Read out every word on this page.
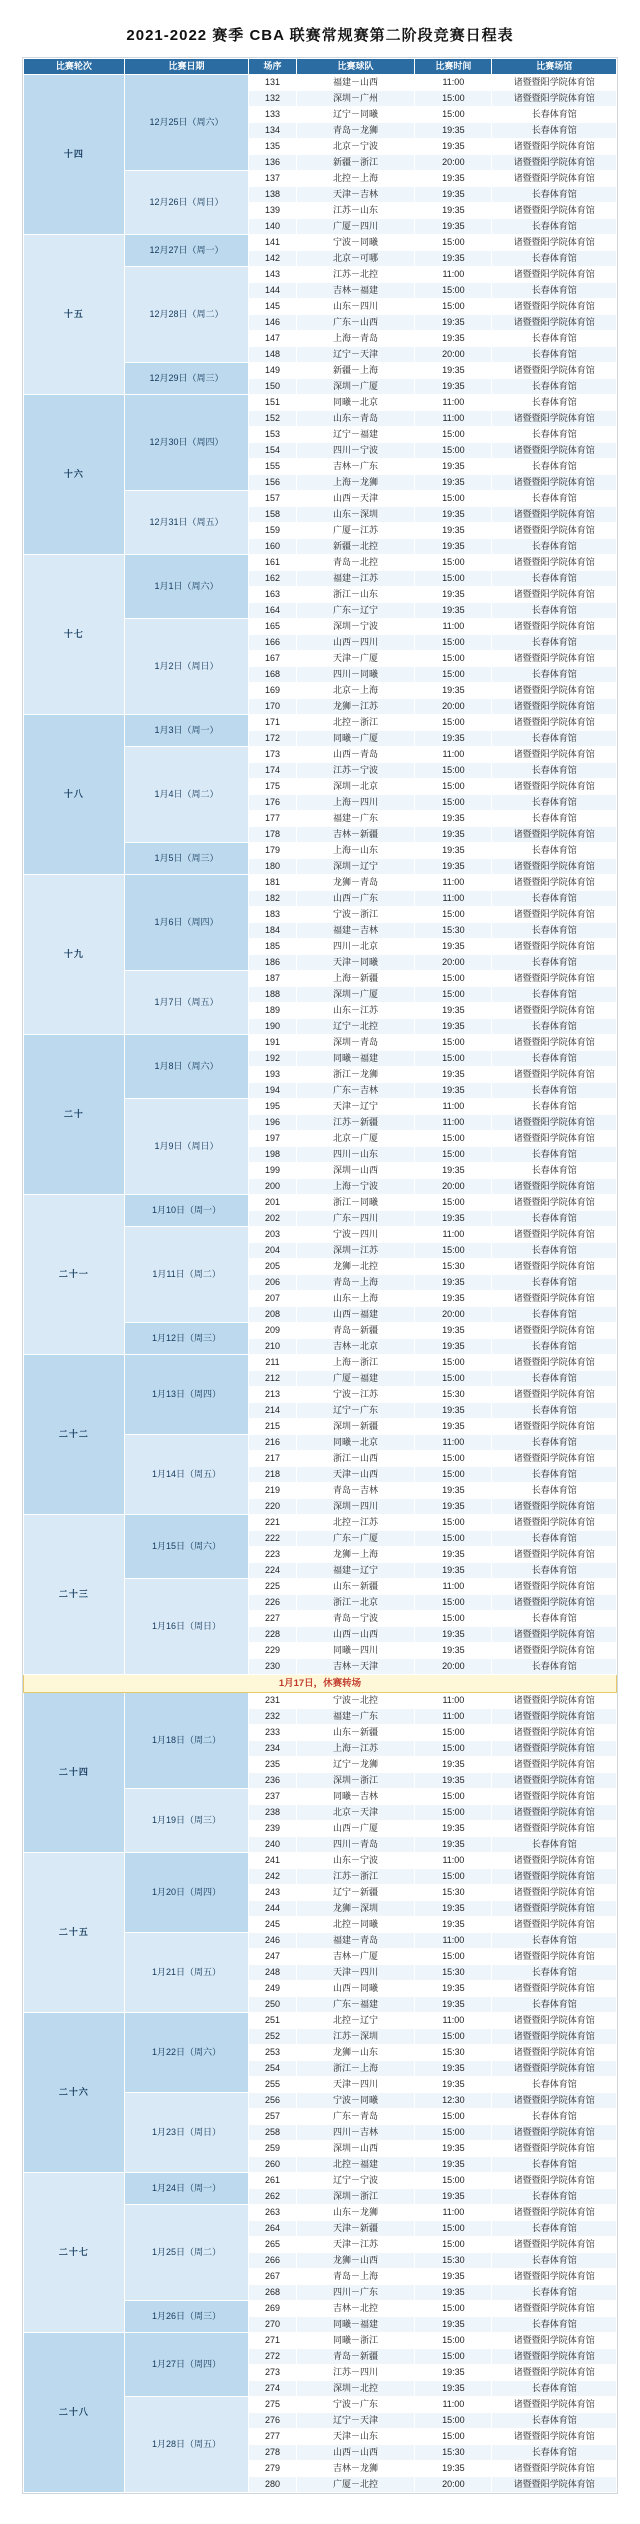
2021-2022 赛季 CBA 联赛常规赛第二阶段竞赛日程表
比赛轮次	比赛日期	场序	比赛球队	比赛时间	比赛场馆
十四	12月25日（周六）	131	福建－山西	11:00	诸暨暨阳学院体育馆
		132	深圳－广州	15:00	诸暨暨阳学院体育馆
		133	辽宁－同曦	15:00	长春体育馆
		134	青岛－龙狮	19:35	长春体育馆
		135	北京－宁波	19:35	诸暨暨阳学院体育馆
		136	新疆－浙江	20:00	诸暨暨阳学院体育馆
	12月26日（周日）	137	北控－上海	19:35	诸暨暨阳学院体育馆
		138	天津－吉林	19:35	长春体育馆
		139	江苏－山东	19:35	诸暨暨阳学院体育馆
		140	广厦－四川	19:35	长春体育馆
十五	12月27日（周一）	141	宁波－同曦	15:00	诸暨暨阳学院体育馆
		142	北京－可哪	19:35	长春体育馆
	12月28日（周二）	143	江苏－北控	11:00	诸暨暨阳学院体育馆
		144	吉林－福建	15:00	长春体育馆
		145	山东－四川	15:00	诸暨暨阳学院体育馆
		146	广东－山西	19:35	诸暨暨阳学院体育馆
		147	上海－青岛	19:35	长春体育馆
		148	辽宁－天津	20:00	长春体育馆
	12月29日（周三）	149	新疆－上海	19:35	诸暨暨阳学院体育馆
		150	深圳－广厦	19:35	长春体育馆
十六	12月30日（周四）	151	同曦－北京	11:00	长春体育馆
		152	山东－青岛	11:00	诸暨暨阳学院体育馆
		153	辽宁－福建	15:00	长春体育馆
		154	四川－宁波	15:00	诸暨暨阳学院体育馆
		155	吉林－广东	19:35	长春体育馆
		156	上海－龙狮	19:35	诸暨暨阳学院体育馆
	12月31日（周五）	157	山西－天津	15:00	长春体育馆
		158	山东－深圳	19:35	诸暨暨阳学院体育馆
		159	广厦－江苏	19:35	诸暨暨阳学院体育馆
		160	新疆－北控	19:35	长春体育馆
十七	1月1日（周六）	161	青岛－北控	15:00	诸暨暨阳学院体育馆
		162	福建－江苏	15:00	长春体育馆
		163	浙江－山东	19:35	诸暨暨阳学院体育馆
		164	广东－辽宁	19:35	长春体育馆
	1月2日（周日）	165	深圳－宁波	11:00	诸暨暨阳学院体育馆
		166	山西－四川	15:00	长春体育馆
		167	天津－广厦	15:00	诸暨暨阳学院体育馆
		168	四川－同曦	15:00	长春体育馆
		169	北京－上海	19:35	诸暨暨阳学院体育馆
		170	龙狮－江苏	20:00	诸暨暨阳学院体育馆
十八	1月3日（周一）	171	北控－浙江	15:00	诸暨暨阳学院体育馆
		172	同曦－广厦	19:35	长春体育馆
	1月4日（周二）	173	山西－青岛	11:00	诸暨暨阳学院体育馆
		174	江苏－宁波	15:00	长春体育馆
		175	深圳－北京	15:00	诸暨暨阳学院体育馆
		176	上海－四川	15:00	长春体育馆
		177	福建－广东	19:35	长春体育馆
		178	吉林－新疆	19:35	诸暨暨阳学院体育馆
	1月5日（周三）	179	上海－山东	19:35	长春体育馆
		180	深圳－辽宁	19:35	诸暨暨阳学院体育馆
十九	1月6日（周四）	181	龙狮－青岛	11:00	诸暨暨阳学院体育馆
		182	山西－广东	11:00	长春体育馆
		183	宁波－浙江	15:00	诸暨暨阳学院体育馆
		184	福建－吉林	15:30	长春体育馆
		185	四川－北京	19:35	诸暨暨阳学院体育馆
		186	天津－同曦	20:00	长春体育馆
	1月7日（周五）	187	上海－新疆	15:00	诸暨暨阳学院体育馆
		188	深圳－广厦	15:00	长春体育馆
		189	山东－江苏	19:35	诸暨暨阳学院体育馆
		190	辽宁－北控	19:35	长春体育馆
二十	1月8日（周六）	191	深圳－青岛	15:00	诸暨暨阳学院体育馆
		192	同曦－福建	15:00	长春体育馆
		193	浙江－龙狮	19:35	诸暨暨阳学院体育馆
		194	广东－吉林	19:35	长春体育馆
	1月9日（周日）	195	天津－辽宁	11:00	长春体育馆
		196	江苏－新疆	11:00	诸暨暨阳学院体育馆
		197	北京－广厦	15:00	诸暨暨阳学院体育馆
		198	四川－山东	15:00	长春体育馆
		199	深圳－山西	19:35	长春体育馆
		200	上海－宁波	20:00	诸暨暨阳学院体育馆
二十一	1月10日（周一）	201	浙江－同曦	15:00	诸暨暨阳学院体育馆
		202	广东－四川	19:35	长春体育馆
	1月11日（周二）	203	宁波－四川	11:00	诸暨暨阳学院体育馆
		204	深圳－江苏	15:00	长春体育馆
		205	龙狮－北控	15:30	诸暨暨阳学院体育馆
		206	青岛－上海	19:35	长春体育馆
		207	山东－上海	19:35	诸暨暨阳学院体育馆
		208	山西－福建	20:00	长春体育馆
	1月12日（周三）	209	青岛－新疆	19:35	诸暨暨阳学院体育馆
		210	吉林－北京	19:35	长春体育馆
二十二	1月13日（周四）	211	上海－浙江	15:00	诸暨暨阳学院体育馆
		212	广厦－福建	15:00	长春体育馆
		213	宁波－江苏	15:30	诸暨暨阳学院体育馆
		214	辽宁－广东	19:35	长春体育馆
		215	深圳－新疆	19:35	诸暨暨阳学院体育馆
	1月14日（周五）	216	同曦－北京	11:00	长春体育馆
		217	浙江－山西	15:00	诸暨暨阳学院体育馆
		218	天津－山西	15:00	长春体育馆
		219	青岛－吉林	19:35	长春体育馆
		220	深圳－四川	19:35	诸暨暨阳学院体育馆
二十三	1月15日（周六）	221	北控－江苏	15:00	诸暨暨阳学院体育馆
		222	广东－广厦	15:00	长春体育馆
		223	龙狮－上海	19:35	诸暨暨阳学院体育馆
		224	福建－辽宁	19:35	长春体育馆
	1月16日（周日）	225	山东－新疆	11:00	诸暨暨阳学院体育馆
		226	浙江－北京	15:00	诸暨暨阳学院体育馆
		227	青岛－宁波	15:00	长春体育馆
		228	山西－山西	19:35	诸暨暨阳学院体育馆
		229	同曦－四川	19:35	诸暨暨阳学院体育馆
		230	吉林－天津	20:00	长春体育馆
1月17日，休赛转场					
二十四	1月18日（周二）	231	宁波－北控	11:00	诸暨暨阳学院体育馆
		232	福建－广东	11:00	诸暨暨阳学院体育馆
		233	山东－新疆	15:00	诸暨暨阳学院体育馆
		234	上海－江苏	15:00	诸暨暨阳学院体育馆
		235	辽宁－龙狮	19:35	诸暨暨阳学院体育馆
		236	深圳－浙江	19:35	诸暨暨阳学院体育馆
	1月19日（周三）	237	同曦－吉林	15:00	诸暨暨阳学院体育馆
		238	北京－天津	15:00	诸暨暨阳学院体育馆
		239	山西－广厦	19:35	诸暨暨阳学院体育馆
		240	四川－青岛	19:35	长春体育馆
二十五	1月20日（周四）	241	山东－宁波	11:00	诸暨暨阳学院体育馆
		242	江苏－浙江	15:00	诸暨暨阳学院体育馆
		243	辽宁－新疆	15:30	诸暨暨阳学院体育馆
		244	龙狮－深圳	19:35	诸暨暨阳学院体育馆
		245	北控－同曦	19:35	诸暨暨阳学院体育馆
	1月21日（周五）	246	福建－青岛	11:00	长春体育馆
		247	吉林－广厦	15:00	诸暨暨阳学院体育馆
		248	天津－四川	15:30	长春体育馆
		249	山西－同曦	19:35	诸暨暨阳学院体育馆
		250	广东－福建	19:35	长春体育馆
二十六	1月22日（周六）	251	北控－辽宁	11:00	诸暨暨阳学院体育馆
		252	江苏－深圳	15:00	诸暨暨阳学院体育馆
		253	龙狮－山东	15:30	诸暨暨阳学院体育馆
		254	浙江－上海	19:35	诸暨暨阳学院体育馆
		255	天津－四川	19:35	长春体育馆
	1月23日（周日）	256	宁波－同曦	12:30	诸暨暨阳学院体育馆
		257	广东－青岛	15:00	长春体育馆
		258	四川－吉林	15:00	诸暨暨阳学院体育馆
		259	深圳－山西	19:35	诸暨暨阳学院体育馆
		260	北控－福建	19:35	长春体育馆
二十七	1月24日（周一）	261	辽宁－宁波	15:00	诸暨暨阳学院体育馆
		262	深圳－浙江	19:35	长春体育馆
	1月25日（周二）	263	山东－龙狮	11:00	诸暨暨阳学院体育馆
		264	天津－新疆	15:00	长春体育馆
		265	天津－江苏	15:00	诸暨暨阳学院体育馆
		266	龙狮－山西	15:30	长春体育馆
		267	青岛－上海	19:35	诸暨暨阳学院体育馆
		268	四川－广东	19:35	长春体育馆
	1月26日（周三）	269	吉林－北控	15:00	诸暨暨阳学院体育馆
		270	同曦－福建	19:35	长春体育馆
二十八	1月27日（周四）	271	同曦－浙江	15:00	诸暨暨阳学院体育馆
		272	青岛－新疆	15:00	诸暨暨阳学院体育馆
		273	江苏－四川	19:35	诸暨暨阳学院体育馆
		274	深圳－北控	19:35	长春体育馆
	1月28日（周五）	275	宁波－广东	11:00	诸暨暨阳学院体育馆
		276	辽宁－天津	15:00	长春体育馆
		277	天津－山东	15:00	诸暨暨阳学院体育馆
		278	山西－山西	15:30	长春体育馆
		279	吉林－龙狮	19:35	诸暨暨阳学院体育馆
		280	广厦－北控	20:00	诸暨暨阳学院体育馆
